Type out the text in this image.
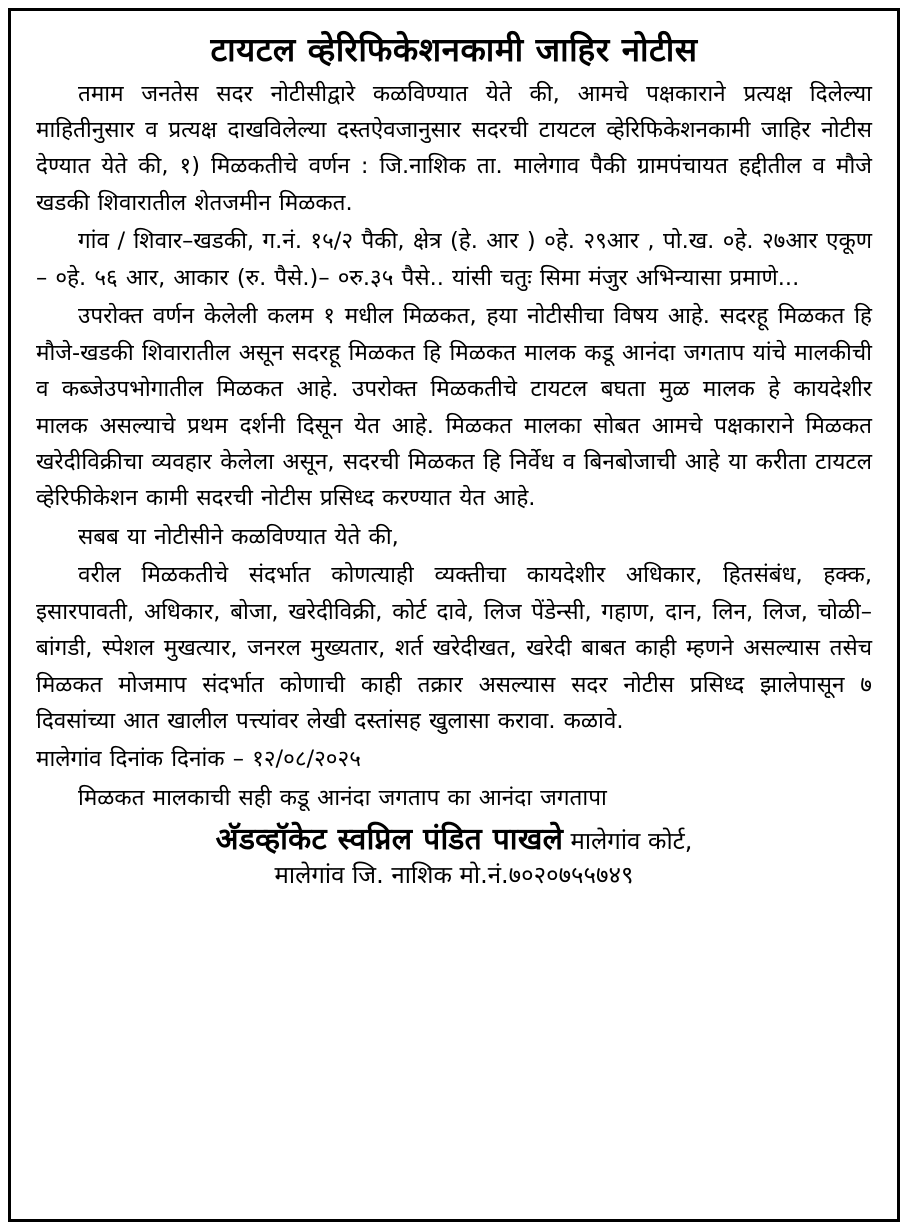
टायटल व्हेरिफिकेशनकामी जाहिर नोटीस

तमाम जनतेस सदर नोटीसीद्वारे कळविण्यात येते की, आमचे पक्षकाराने प्रत्यक्ष दिलेल्या माहितीनुसार व प्रत्यक्ष दाखविलेल्या दस्तऐवजानुसार सदरची टायटल व्हेरिफिकेशनकामी जाहिर नोटीस देण्यात येते की, १) मिळकतीचे वर्णन : जि.नाशिक ता. मालेगाव पैकी ग्रामपंचायत हद्दीतील व मौजे खडकी शिवारातील शेतजमीन मिळकत.

गांव / शिवार–खडकी, ग.नं. १५/२ पैकी, क्षेत्र (हे. आर ) ०हे. २९आर , पो.ख. ०हे. २७आर एकूण – ०हे. ५६ आर, आकार (रु. पैसे.)– ०रु.३५ पैसे.. यांसी चतुः सिमा मंजुर अभिन्यासा प्रमाणे...

उपरोक्त वर्णन केलेली कलम १ मधील मिळकत, हया नोटीसीचा विषय आहे. सदरहू मिळकत हि मौजे-खडकी शिवारातील असून सदरहू मिळकत हि मिळकत मालक कडू आनंदा जगताप यांचे मालकीची व कब्जेउपभोगातील मिळकत आहे. उपरोक्त मिळकतीचे टायटल बघता मुळ मालक हे कायदेशीर मालक असल्याचे प्रथम दर्शनी दिसून येत आहे. मिळकत मालका सोबत आमचे पक्षकाराने मिळकत खरेदीविक्रीचा व्यवहार केलेला असून, सदरची मिळकत हि निर्वेध व बिनबोजाची आहे या करीता टायटल व्हेरिफीकेशन कामी सदरची नोटीस प्रसिध्द करण्यात येत आहे.

सबब या नोटीसीने कळविण्यात येते की,

वरील मिळकतीचे संदर्भात कोणत्याही व्यक्तीचा कायदेशीर अधिकार, हितसंबंध, हक्क, इसारपावती, अधिकार, बोजा, खरेदीविक्री, कोर्ट दावे, लिज पेंडेन्सी, गहाण, दान, लिन, लिज, चोळी–बांगडी, स्पेशल मुखत्यार, जनरल मुख्यतार, शर्त खरेदीखत, खरेदी बाबत काही म्हणने असल्यास तसेच मिळकत मोजमाप संदर्भात कोणाची काही तक्रार असल्यास सदर नोटीस प्रसिध्द झालेपासून ७ दिवसांच्या आत खालील पत्त्यांवर लेखी दस्तांसह खुलासा करावा. कळावे.

मालेगांव दिनांक दिनांक – १२/०८/२०२५

मिळकत मालकाची सही कडू आनंदा जगताप का आनंदा जगतापा

अ‍ॅडव्हॉकेट स्वप्निल पंडित पाखले मालेगांव कोर्ट,
मालेगांव जि. नाशिक मो.नं.७०२०७५५७४९
